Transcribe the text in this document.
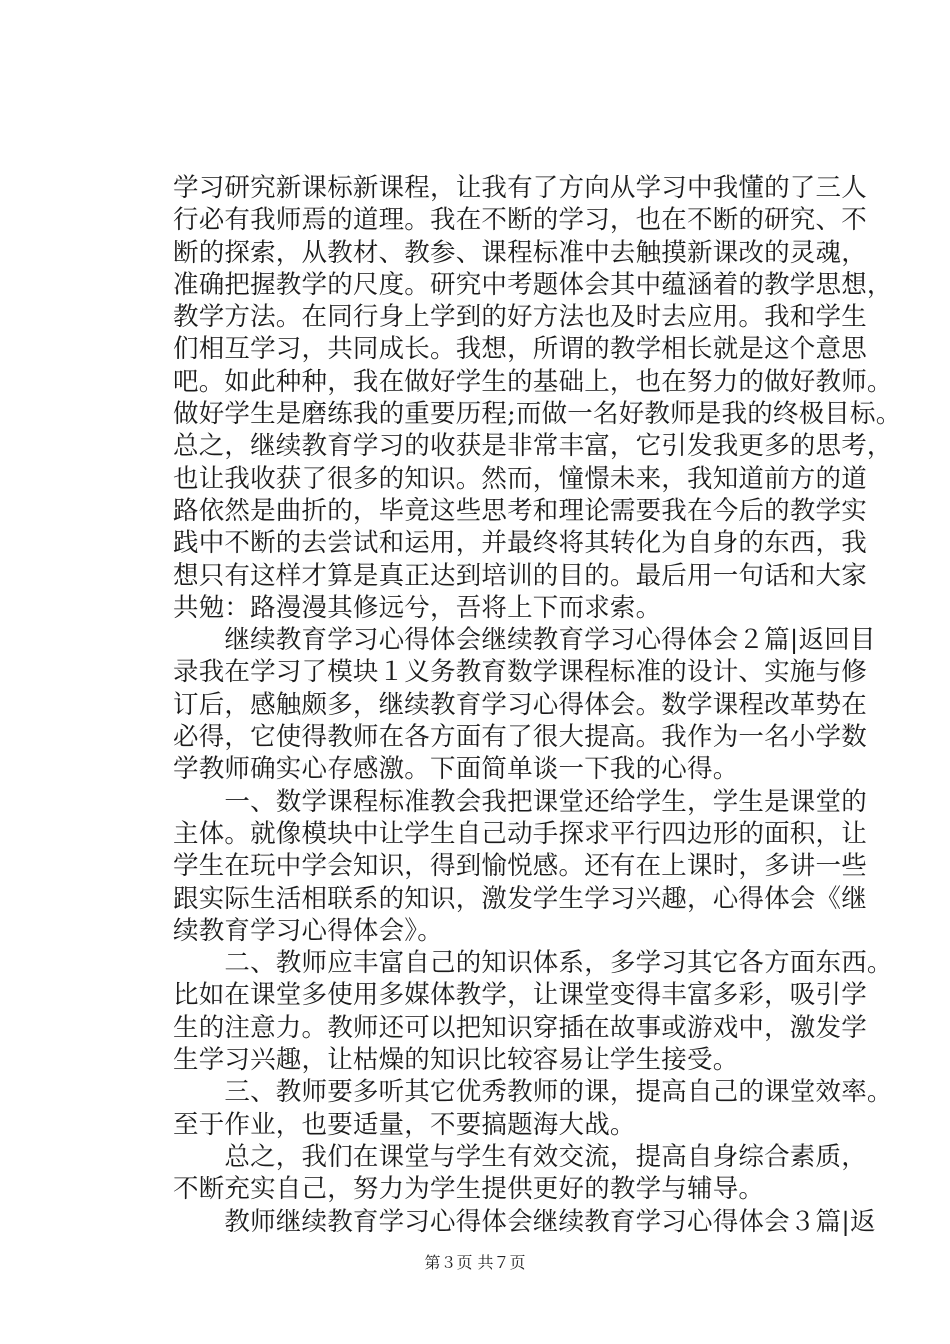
学习研究新课标新课程，让我有了方向从学习中我懂的了三人
行必有我师焉的道理。我在不断的学习，也在不断的研究、不
断的探索，从教材、教参、课程标准中去触摸新课改的灵魂，
准确把握教学的尺度。研究中考题体会其中蕴涵着的教学思想，
教学方法。在同行身上学到的好方法也及时去应用。我和学生
们相互学习，共同成长。我想，所谓的教学相长就是这个意思
吧。如此种种，我在做好学生的基础上，也在努力的做好教师。
做好学生是磨练我的重要历程;而做一名好教师是我的终极目标。
总之，继续教育学习的收获是非常丰富，它引发我更多的思考，
也让我收获了很多的知识。然而，憧憬未来，我知道前方的道
路依然是曲折的，毕竟这些思考和理论需要我在今后的教学实
践中不断的去尝试和运用，并最终将其转化为自身的东西，我
想只有这样才算是真正达到培训的目的。最后用一句话和大家
共勉：路漫漫其修远兮，吾将上下而求索。
　　继续教育学习心得体会继续教育学习心得体会２篇|返回目
录我在学习了模块１义务教育数学课程标准的设计、实施与修
订后，感触颇多，继续教育学习心得体会。数学课程改革势在
必得，它使得教师在各方面有了很大提高。我作为一名小学数
学教师确实心存感激。下面简单谈一下我的心得。
　　一、数学课程标准教会我把课堂还给学生，学生是课堂的
主体。就像模块中让学生自己动手探求平行四边形的面积，让
学生在玩中学会知识，得到愉悦感。还有在上课时，多讲一些
跟实际生活相联系的知识，激发学生学习兴趣，心得体会《继
续教育学习心得体会》。
　　二、教师应丰富自己的知识体系，多学习其它各方面东西。
比如在课堂多使用多媒体教学，让课堂变得丰富多彩，吸引学
生的注意力。教师还可以把知识穿插在故事或游戏中，激发学
生学习兴趣，让枯燥的知识比较容易让学生接受。
　　三、教师要多听其它优秀教师的课，提高自己的课堂效率。
至于作业，也要适量，不要搞题海大战。
　　总之，我们在课堂与学生有效交流，提高自身综合素质，
不断充实自己，努力为学生提供更好的教学与辅导。
　　教师继续教育学习心得体会继续教育学习心得体会３篇|返
第３页 共７页
